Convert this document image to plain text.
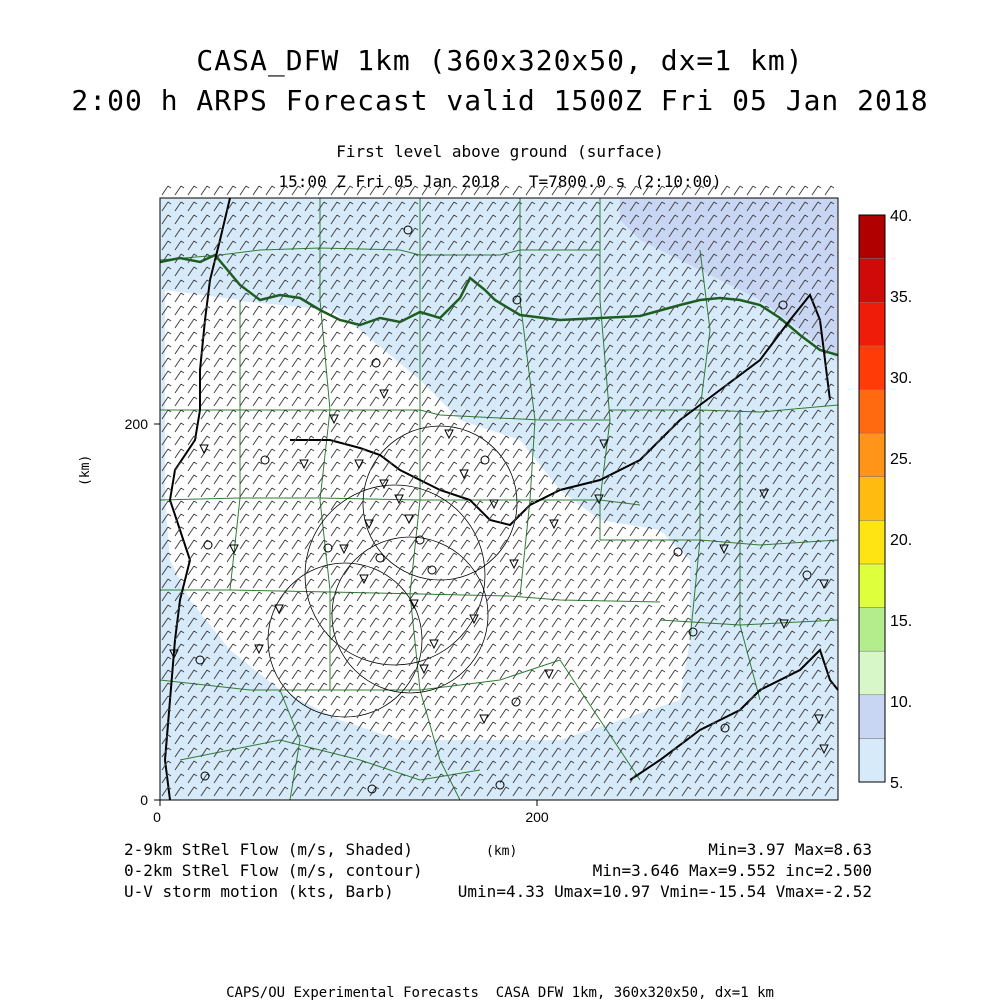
CASA_DFW 1km (360x320x50, dx=1 km)
2:00 h ARPS Forecast valid 1500Z Fri 05 Jan 2018
First level above ground (surface)
15:00 Z Fri 05 Jan 2018   T=7800.0 s (2:10:00)
(km)
0	200
0
200
5.
10.
15.
20.
25.
30.
35.
40.
(km)
2-9km StRel Flow (m/s, Shaded)
0-2km StRel Flow (m/s, contour)
U-V storm motion (kts, Barb)
Min=3.97 Max=8.63
Min=3.646 Max=9.552 inc=2.500
Umin=4.33 Umax=10.97 Vmin=-15.54 Vmax=-2.52
CAPS/OU Experimental Forecasts  CASA DFW 1km, 360x320x50, dx=1 km
